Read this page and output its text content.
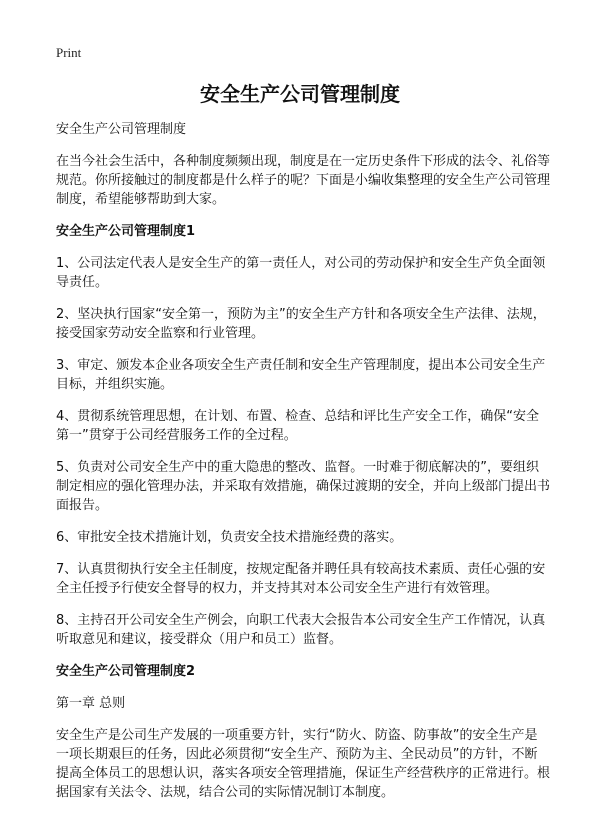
Print
安全生产公司管理制度

安全生产公司管理制度

在当今社会生活中，各种制度频频出现，制度是在一定历史条件下形成的法令、礼俗等规范。你所接触过的制度都是什么样子的呢？下面是小编收集整理的安全生产公司管理制度，希望能够帮助到大家。

安全生产公司管理制度1

1、公司法定代表人是安全生产的第一责任人，对公司的劳动保护和安全生产负全面领导责任。

2、坚决执行国家“安全第一，预防为主”的安全生产方针和各项安全生产法律、法规，接受国家劳动安全监察和行业管理。

3、审定、颁发本企业各项安全生产责任制和安全生产管理制度，提出本公司安全生产目标，并组织实施。

4、贯彻系统管理思想，在计划、布置、检查、总结和评比生产安全工作，确保“安全第一”贯穿于公司经营服务工作的全过程。

5、负责对公司安全生产中的重大隐患的整改、监督。一时难于彻底解决的”，要组织制定相应的强化管理办法，并采取有效措施，确保过渡期的安全，并向上级部门提出书面报告。

6、审批安全技术措施计划，负责安全技术措施经费的落实。

7、认真贯彻执行安全主任制度，按规定配备并聘任具有较高技术素质、责任心强的安全主任授予行使安全督导的权力，并支持其对本公司安全生产进行有效管理。

8、主持召开公司安全生产例会，向职工代表大会报告本公司安全生产工作情况，认真听取意见和建议，接受群众（用户和员工）监督。

安全生产公司管理制度2

第一章 总则

安全生产是公司生产发展的一项重要方针，实行“防火、防盗、防事故”的安全生产是一项长期艰巨的任务，因此必须贯彻“安全生产、预防为主、全民动员”的方针，不断提高全体员工的思想认识，落实各项安全管理措施，保证生产经营秩序的正常进行。根据国家有关法令、法规，结合公司的实际情况制订本制度。
